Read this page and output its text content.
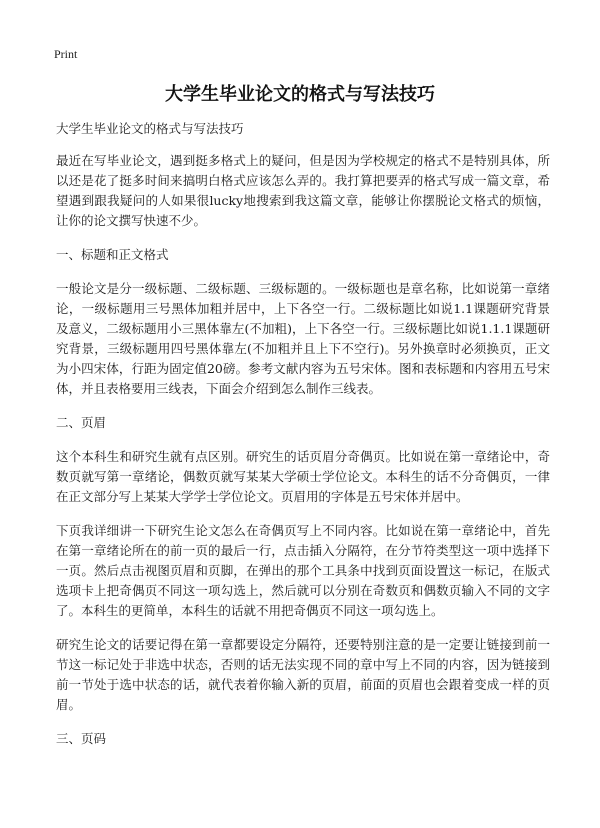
Print
大学生毕业论文的格式与写法技巧

大学生毕业论文的格式与写法技巧

最近在写毕业论文，遇到挺多格式上的疑问，但是因为学校规定的格式不是特别具体，所以还是花了挺多时间来搞明白格式应该怎么弄的。我打算把要弄的格式写成一篇文章，希望遇到跟我疑问的人如果很lucky地搜索到我这篇文章，能够让你摆脱论文格式的烦恼，让你的论文撰写快速不少。

一、标题和正文格式

一般论文是分一级标题、二级标题、三级标题的。一级标题也是章名称，比如说第一章绪论，一级标题用三号黑体加粗并居中，上下各空一行。二级标题比如说1.1课题研究背景及意义，二级标题用小三黑体靠左(不加粗)，上下各空一行。三级标题比如说1.1.1课题研究背景，三级标题用四号黑体靠左(不加粗并且上下不空行)。另外换章时必须换页，正文为小四宋体，行距为固定值20磅。参考文献内容为五号宋体。图和表标题和内容用五号宋体，并且表格要用三线表，下面会介绍到怎么制作三线表。

二、页眉

这个本科生和研究生就有点区别。研究生的话页眉分奇偶页。比如说在第一章绪论中，奇数页就写第一章绪论，偶数页就写某某大学硕士学位论文。本科生的话不分奇偶页，一律在正文部分写上某某大学学士学位论文。页眉用的字体是五号宋体并居中。

下页我详细讲一下研究生论文怎么在奇偶页写上不同内容。比如说在第一章绪论中，首先在第一章绪论所在的前一页的最后一行，点击插入分隔符，在分节符类型这一项中选择下一页。然后点击视图页眉和页脚，在弹出的那个工具条中找到页面设置这一标记，在版式选项卡上把奇偶页不同这一项勾选上，然后就可以分别在奇数页和偶数页输入不同的文字了。本科生的更简单，本科生的话就不用把奇偶页不同这一项勾选上。

研究生论文的话要记得在第一章都要设定分隔符，还要特别注意的是一定要让链接到前一节这一标记处于非选中状态，否则的话无法实现不同的章中写上不同的内容，因为链接到前一节处于选中状态的话，就代表着你输入新的页眉，前面的页眉也会跟着变成一样的页眉。

三、页码
